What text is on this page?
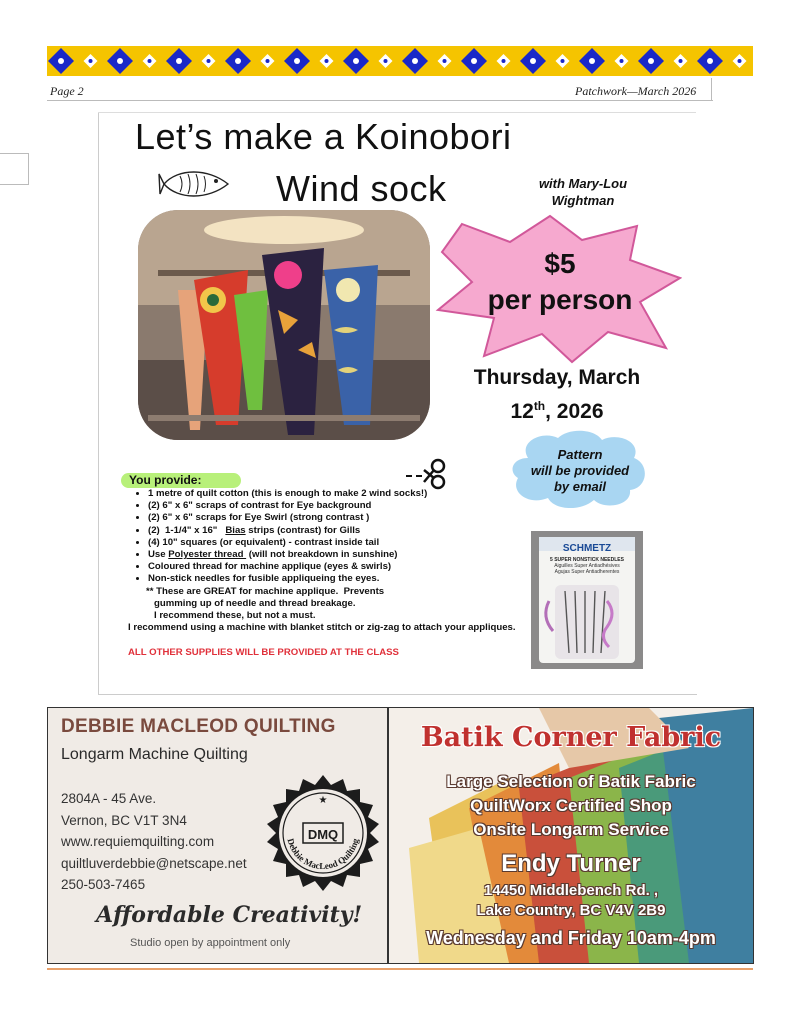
Page 2	Patchwork—March 2026
Let’s make a Koinobori
Wind sock	with Mary-Lou
Wightman
$5
per person
Thursday, March
12th, 2026
Pattern
will be provided
by email
You provide:
• 1 metre of quilt cotton (this is enough to make 2 wind socks!)
• (2) 6" x 6" scraps of contrast for Eye background
• (2) 6" x 6" scraps for Eye Swirl (strong contrast )
• (2)  1-1/4" x 16"   Bias strips (contrast) for Gills
• (4) 10" squares (or equivalent) - contrast inside tail
• Use Polyester thread  (will not breakdown in sunshine)
• Coloured thread for machine applique (eyes & swirls)
• Non-stick needles for fusible appliqueing the eyes.
** These are GREAT for machine applique.  Prevents
gumming up of needle and thread breakage.
I recommend these, but not a must.
I recommend using a machine with blanket stitch or zig-zag to attach your appliques.
ALL OTHER SUPPLIES WILL BE PROVIDED AT THE CLASS
SCHMETZ
5 SUPER NONSTICK NEEDLES
Aiguilles Super Antiadhésives
Agujas Super Antiadherentes
DEBBIE MACLEOD QUILTING
Longarm Machine Quilting
2804A - 45 Ave.
Vernon, BC V1T 3N4
www.requiemquilting.com
quiltluverdebbie@netscape.net
250-503-7465
DMQ
Debbie MacLeod Quilting
★
Affordable Creativity!
Studio open by appointment only
Batik Corner Fabric
Large Selection of Batik Fabric
QuiltWorx Certified Shop
Onsite Longarm Service
Endy Turner
14450 Middlebench Rd. ,
Lake Country, BC V4V 2B9
Wednesday and Friday 10am-4pm
